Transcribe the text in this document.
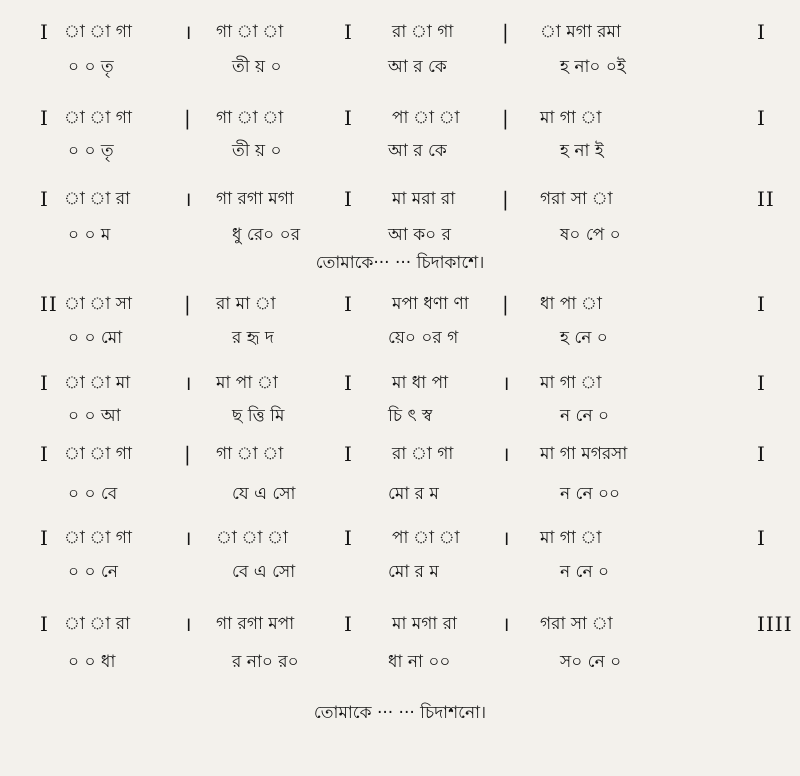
I া া গা	। গা া া	I রা া গা | া মগা রমা	I
০ ০ তৃ	তী য় ০	আ র কে	হ না০ ০ই
I া া গা	| গা া া	I পা া া | মা গা া	I
০ ০ তৃ	তী য় ০	আ র কে	হ না ই
I া া রা	। গা রগা মগা	I মা মরা রা | গরা সা া	II
০ ০ ম	ধু রে০ ০র	আ ক০ র	ষ০ পে ০
তোমাকে··· ··· চিদাকাশে।
II া া সা	| রা মা া	I মপা ধণা ণা | ধা পা া	I
০ ০ মো	র হৃ দ	য়ে০ ০র গ	হ নে ০
I া া মা	। মা পা া	I মা ধা পা	। মা গা া	I
০ ০ আ	ছ ত্তি মি	চি ৎ স্ব	ন নে ০
I া া গা	| গা া া	I রা া গা । মা গা মগরসা	I
০ ০ বে	যে এ সো	মো র ম	ন নে ০০
I া া গা	। া া া	I পা া া । মা গা া	I
০ ০ নে	বে এ সো	মো র ম	ন নে ০
I া া রা	। গা রগা মপা I মা মগা রা । গরা সা া	IIII
০ ০ ধা	র না০ র০	ধা না ০০	স০ নে ০
তোমাকে ··· ··· চিদাশনো।
